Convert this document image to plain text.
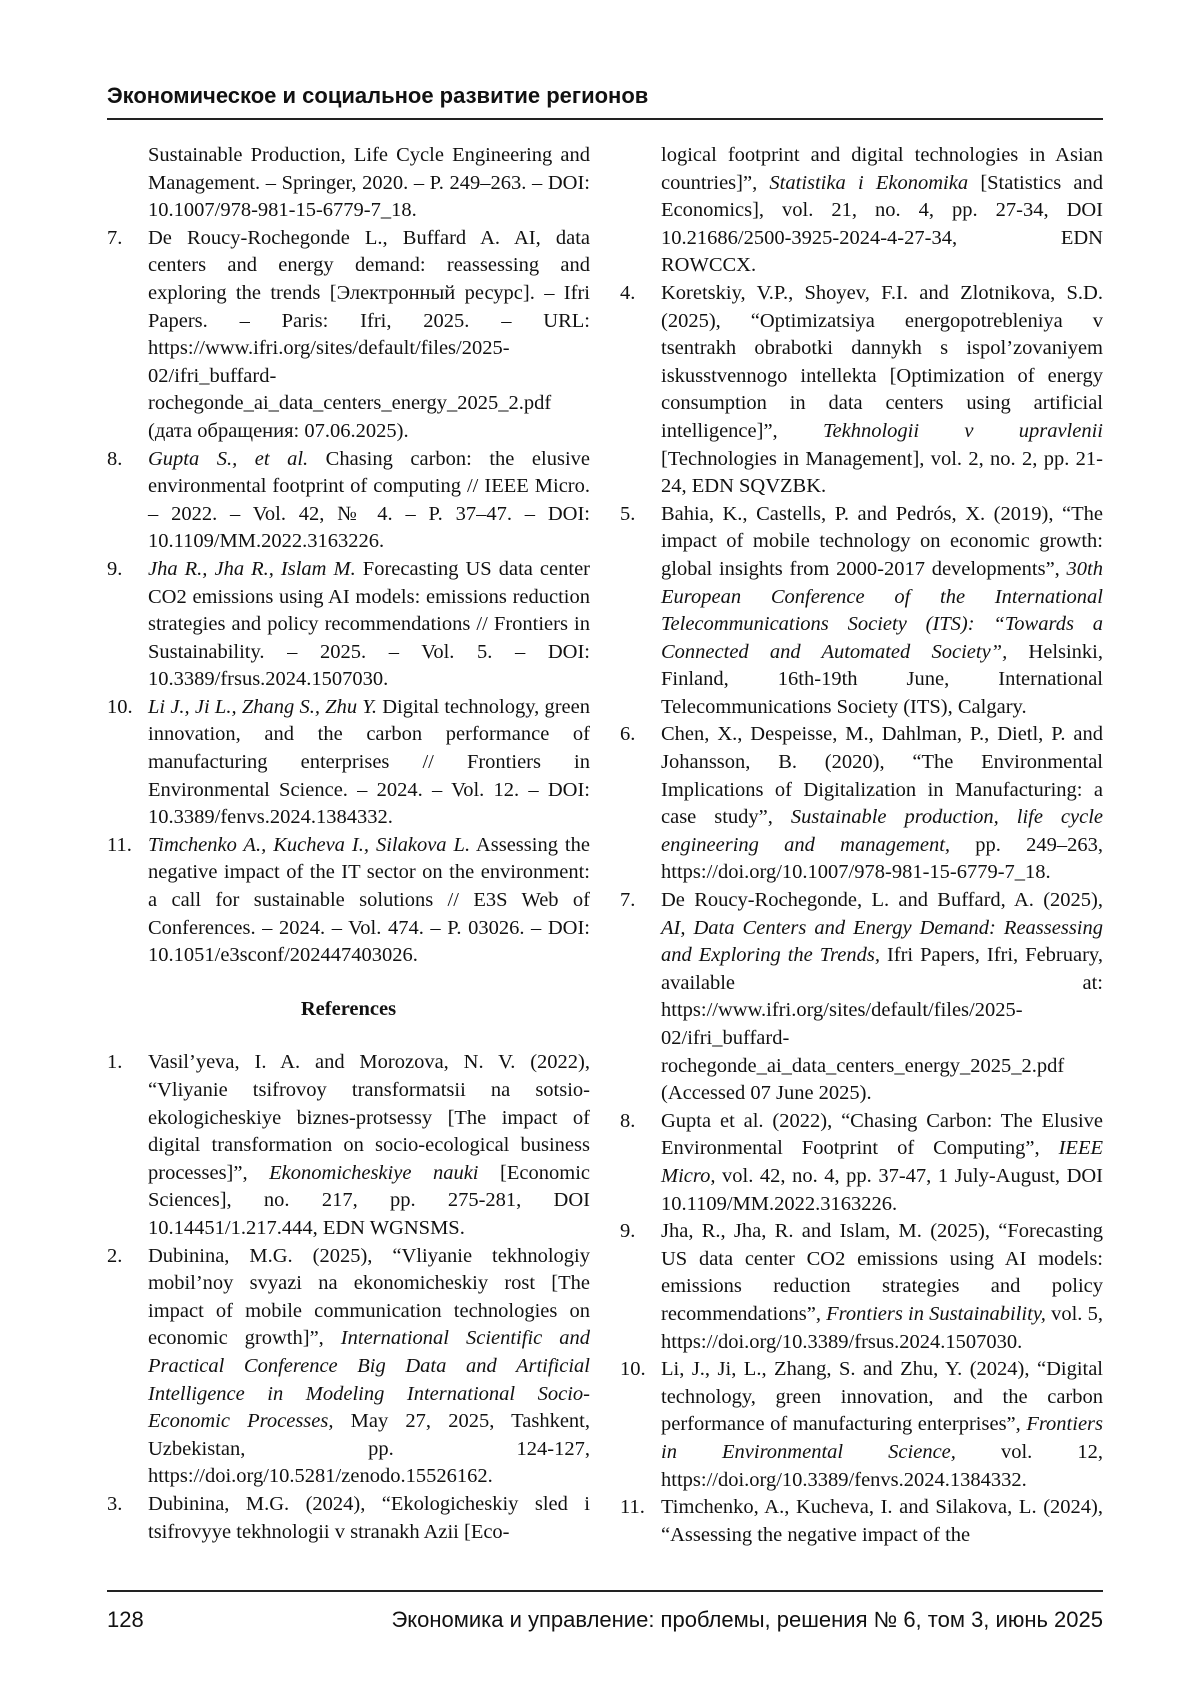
Экономическое и социальное развитие регионов
Sustainable Production, Life Cycle Engineering and Management. – Springer, 2020. – P. 249–263. – DOI: 10.1007/978-981-15-6779-7_18.
7.	De Roucy-Rochegonde L., Buffard A. AI, data centers and energy demand: reassessing and exploring the trends [Электронный ресурс]. – Ifri Papers. – Paris: Ifri, 2025. – URL: https://www.ifri.org/sites/default/files/2025-02/ifri_buffard-rochegonde_ai_data_centers_energy_2025_2.pdf (дата обращения: 07.06.2025).
8.	Gupta S., et al. Chasing carbon: the elusive environmental footprint of computing // IEEE Micro. – 2022. – Vol. 42, № 4. – P. 37–47. – DOI: 10.1109/MM.2022.3163226.
9.	Jha R., Jha R., Islam M. Forecasting US data center CO2 emissions using AI models: emissions reduction strategies and policy recommendations // Frontiers in Sustainability. – 2025. – Vol. 5. – DOI: 10.3389/frsus.2024.1507030.
10. Li J., Ji L., Zhang S., Zhu Y. Digital technology, green innovation, and the carbon performance of manufacturing enterprises // Frontiers in Environmental Science. – 2024. – Vol. 12. – DOI: 10.3389/fenvs.2024.1384332.
11. Timchenko A., Kucheva I., Silakova L. Assessing the negative impact of the IT sector on the environment: a call for sustainable solutions // E3S Web of Conferences. – 2024. – Vol. 474. – P. 03026. – DOI: 10.1051/e3sconf/202447403026.
References
1.	Vasil’yeva, I. A. and Morozova, N. V. (2022), “Vliyanie tsifrovoy transformatsii na sotsio-ekologicheskiye biznes-protsessy [The impact of digital transformation on socio-ecological business processes]”, Ekonomicheskiye nauki [Economic Sciences], no. 217, pp. 275-281, DOI 10.14451/1.217.444, EDN WGNSMS.
2.	Dubinina, M.G. (2025), “Vliyanie tekhnologiy mobil’noy svyazi na ekonomicheskiy rost [The impact of mobile communication technologies on economic growth]”, International Scientific and Practical Conference Big Data and Artificial Intelligence in Modeling International Socio-Economic Processes, May 27, 2025, Tashkent, Uzbekistan, pp. 124-127, https://doi.org/10.5281/zenodo.15526162.
3.	Dubinina, M.G. (2024), “Ekologicheskiy sled i tsifrovyye tekhnologii v stranakh Azii [Eco-
logical footprint and digital technologies in Asian countries]”, Statistika i Ekonomika [Statistics and Economics], vol. 21, no. 4, pp. 27-34, DOI 10.21686/2500-3925-2024-4-27-34, EDN ROWCCX.
4.	Koretskiy, V.P., Shoyev, F.I. and Zlotnikova, S.D. (2025), “Optimizatsiya energopotrebleniya v tsentrakh obrabotki dannykh s ispol’zovaniyem iskusstvennogo intellekta [Optimization of energy consumption in data centers using artificial intelligence]”, Tekhnologii v upravlenii [Technologies in Management], vol. 2, no. 2, pp. 21-24, EDN SQVZBK.
5.	Bahia, K., Castells, P. and Pedrós, X. (2019), “The impact of mobile technology on economic growth: global insights from 2000-2017 developments”, 30th European Conference of the International Telecommunications Society (ITS): “Towards a Connected and Automated Society”, Helsinki, Finland, 16th-19th June, International Telecommunications Society (ITS), Calgary.
6.	Chen, X., Despeisse, M., Dahlman, P., Dietl, P. and Johansson, B. (2020), “The Environmental Implications of Digitalization in Manufacturing: a case study”, Sustainable production, life cycle engineering and management, pp. 249–263, https://doi.org/10.1007/978-981-15-6779-7_18.
7.	De Roucy-Rochegonde, L. and Buffard, A. (2025), AI, Data Centers and Energy Demand: Reassessing and Exploring the Trends, Ifri Papers, Ifri, February, available at: https://www.ifri.org/sites/default/files/2025-02/ifri_buffard-rochegonde_ai_data_centers_energy_2025_2.pdf (Accessed 07 June 2025).
8.	Gupta et al. (2022), “Chasing Carbon: The Elusive Environmental Footprint of Computing”, IEEE Micro, vol. 42, no. 4, pp. 37-47, 1 July-August, DOI 10.1109/MM.2022.3163226.
9.	Jha, R., Jha, R. and Islam, M. (2025), “Forecasting US data center CO2 emissions using AI models: emissions reduction strategies and policy recommendations”, Frontiers in Sustainability, vol. 5, https://doi.org/10.3389/frsus.2024.1507030.
10. Li, J., Ji, L., Zhang, S. and Zhu, Y. (2024), “Digital technology, green innovation, and the carbon performance of manufacturing enterprises”, Frontiers in Environmental Science, vol. 12, https://doi.org/10.3389/fenvs.2024.1384332.
11. Timchenko, A., Kucheva, I. and Silakova, L. (2024), “Assessing the negative impact of the
128	Экономика и управление: проблемы, решения № 6, том 3, июнь 2025
